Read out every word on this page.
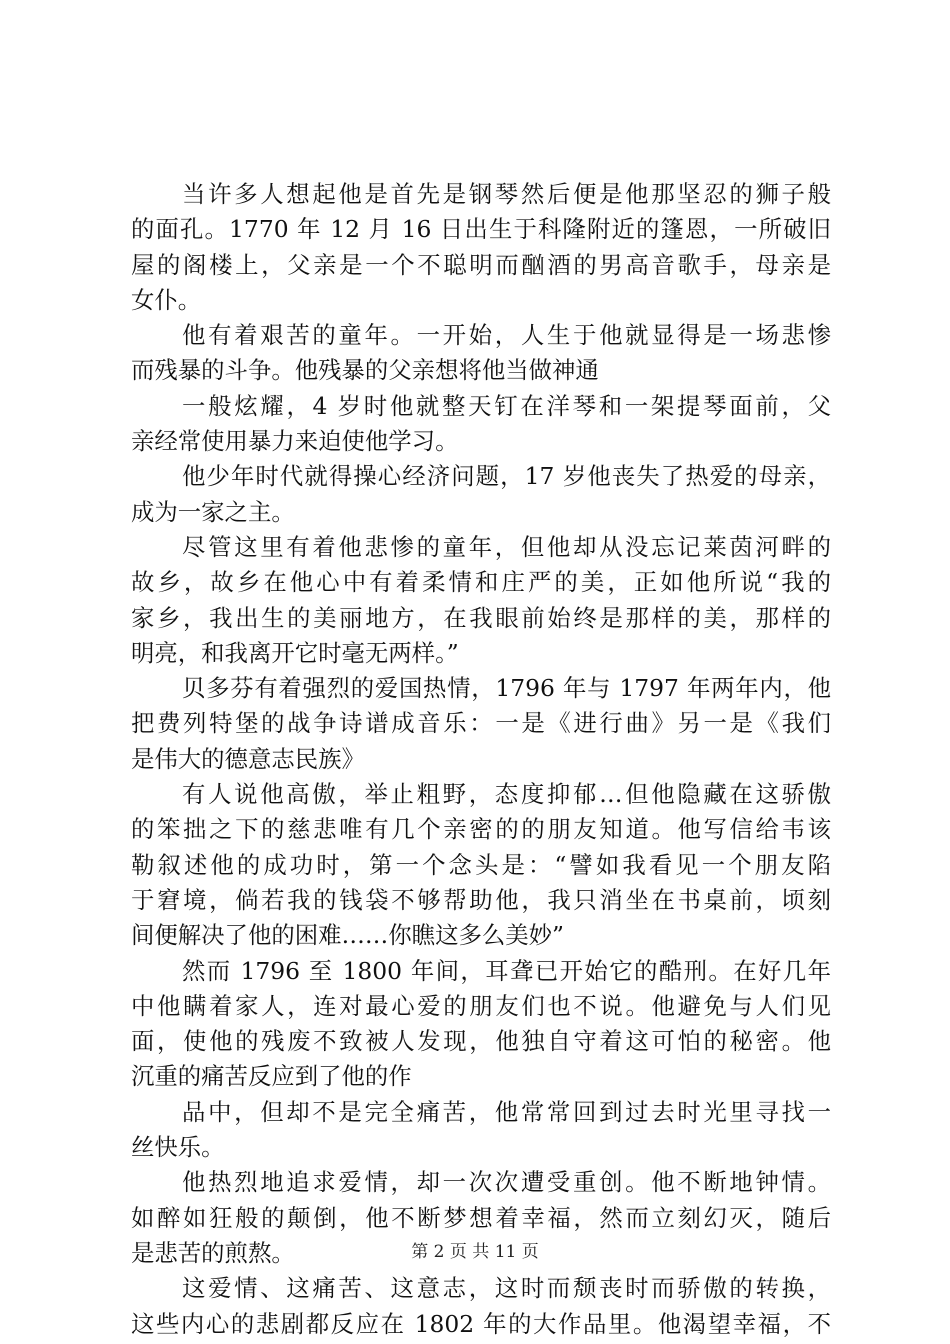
当许多人想起他是首先是钢琴然后便是他那坚忍的狮子般
的面孔。1770 年 12 月 16 日出生于科隆附近的篷恩，一所破旧
屋的阁楼上，父亲是一个不聪明而酗酒的男高音歌手，母亲是
女仆。
他有着艰苦的童年。一开始，人生于他就显得是一场悲惨
而残暴的斗争。他残暴的父亲想将他当做神通
一般炫耀，4 岁时他就整天钉在洋琴和一架提琴面前，父
亲经常使用暴力来迫使他学习。
他少年时代就得操心经济问题，17 岁他丧失了热爱的母亲，
成为一家之主。
尽管这里有着他悲惨的童年，但他却从没忘记莱茵河畔的
故乡，故乡在他心中有着柔情和庄严的美，正如他所说“我的
家乡，我出生的美丽地方，在我眼前始终是那样的美，那样的
明亮，和我离开它时毫无两样。”
贝多芬有着强烈的爱国热情，1796 年与 1797 年两年内，他
把费列特堡的战争诗谱成音乐：一是《进行曲》另一是《我们
是伟大的德意志民族》
有人说他高傲，举止粗野，态度抑郁…但他隐藏在这骄傲
的笨拙之下的慈悲唯有几个亲密的的朋友知道。他写信给韦该
勒叙述他的成功时，第一个念头是：“譬如我看见一个朋友陷
于窘境，倘若我的钱袋不够帮助他，我只消坐在书桌前，顷刻
间便解决了他的困难……你瞧这多么美妙”
然而 1796 至 1800 年间，耳聋已开始它的酷刑。在好几年
中他瞒着家人，连对最心爱的朋友们也不说。他避免与人们见
面，使他的残废不致被人发现，他独自守着这可怕的秘密。他
沉重的痛苦反应到了他的作
品中，但却不是完全痛苦，他常常回到过去时光里寻找一
丝快乐。
他热烈地追求爱情，却一次次遭受重创。他不断地钟情。
如醉如狂般的颠倒，他不断梦想着幸福，然而立刻幻灭，随后
是悲苦的煎熬。
这爱情、这痛苦、这意志，这时而颓丧时而骄傲的转换，
这些内心的悲剧都反应在 1802 年的大作品里。他渴望幸福，不
第 2 页 共 11 页
